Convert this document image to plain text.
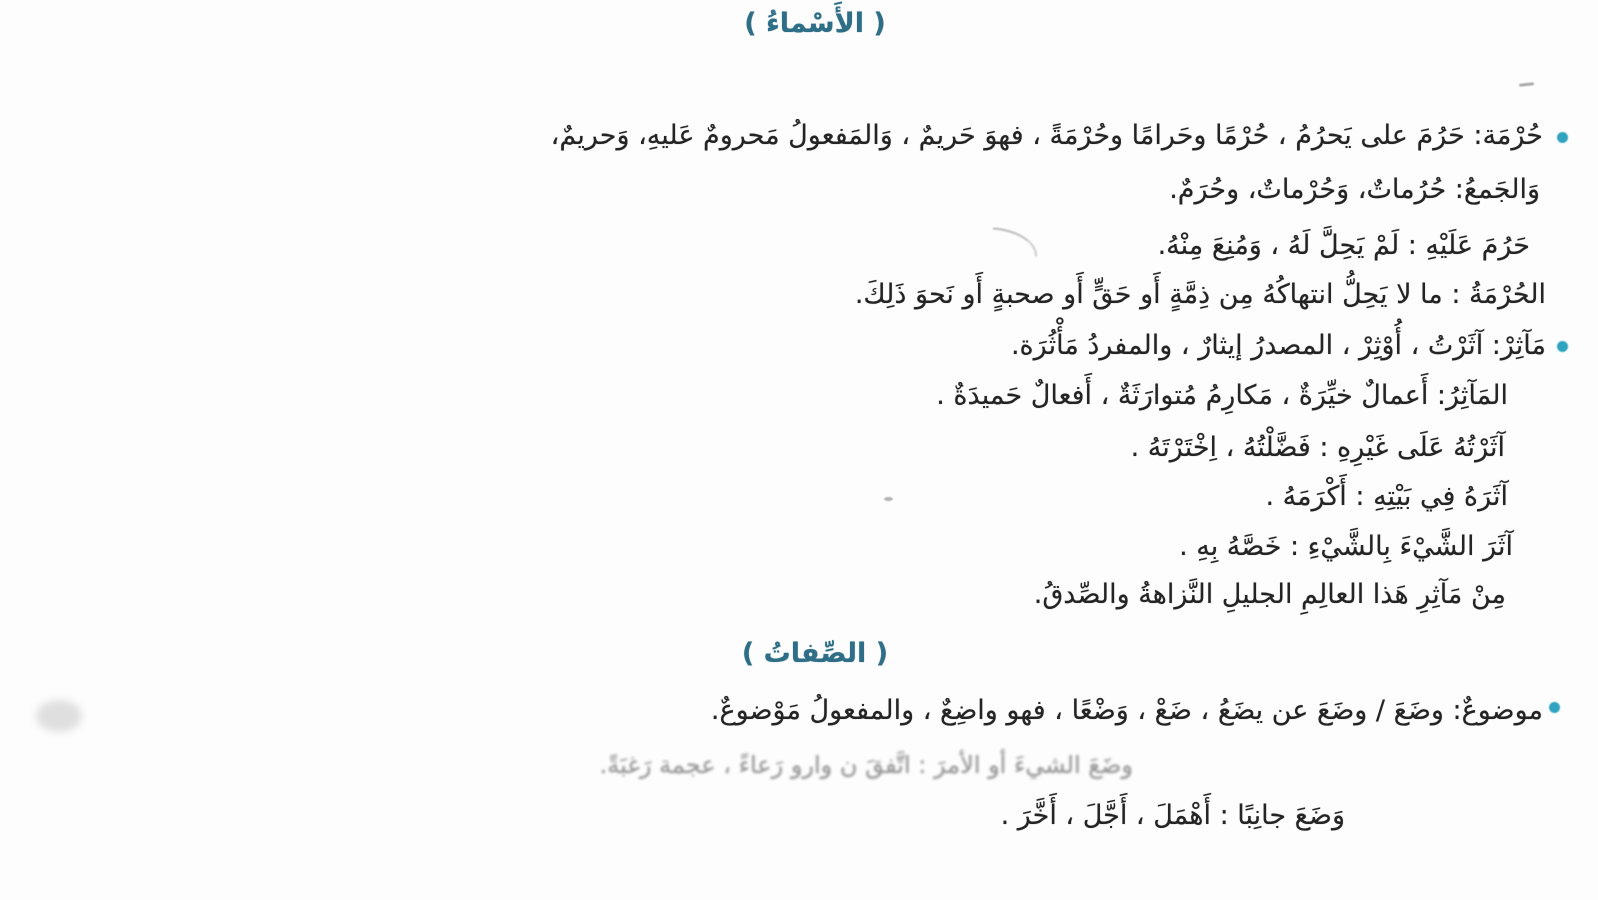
( الأَسْماءُ )
حُرْمَة: حَرُمَ على يَحرُمُ ، حُرْمًا وحَرامًا وحُرْمَةً ، فهوَ حَريمٌ ، وَالمَفعولُ مَحرومٌ عَليهِ، وَحريمٌ،
وَالجَمعُ: حُرُماتٌ، وَحُرْماتٌ، وحُرَمٌ.
حَرُمَ عَلَيْهِ : لَمْ يَحِلَّ لَهُ ، وَمُنِعَ مِنْهُ.
الحُرْمَةُ : ما لا يَحِلُّ انتهاكُهُ مِن ذِمَّةٍ أَو حَقٍّ أَو صحبةٍ أَو نَحوَ ذَلِكَ.
مَآثِرْ: آثَرْتُ ، أُوْثِرْ ، المصدرُ إيثارٌ ، والمفردُ مَأْثُرَة.
المَآثِرُ: أَعمالٌ خيِّرَةٌ ، مَكارِمُ مُتوارَثَةٌ ، أَفعالٌ حَميدَةٌ .
آثَرْتُهُ عَلَى غَيْرِهِ : فَضَّلْتُهُ ، اِخْتَرْتَهُ .
آثَرَهُ فِي بَيْتِهِ : أَكْرَمَهُ .
آثَرَ الشَّيْءَ بِالشَّيْءِ : خَصَّهُ بِهِ .
مِنْ مَآثِرِ هَذا العالِمِ الجليلِ النَّزاهةُ والصِّدقُ.
( الصِّفاتُ )
موضوعٌ: وضَعَ / وضَعَ عن يضَعُ ، ضَعْ ، وَضْعًا ، فهو واضِعٌ ، والمفعولُ مَوْضوعٌ.
وضَعَ الشيءَ أو الأمرَ : اتَّفقَ ن وارو رَعاءً ، عجمة رَغبَةً.
وَضَعَ جانِبًا : أَهْمَلَ ، أَجَّلَ ، أَخَّرَ .
